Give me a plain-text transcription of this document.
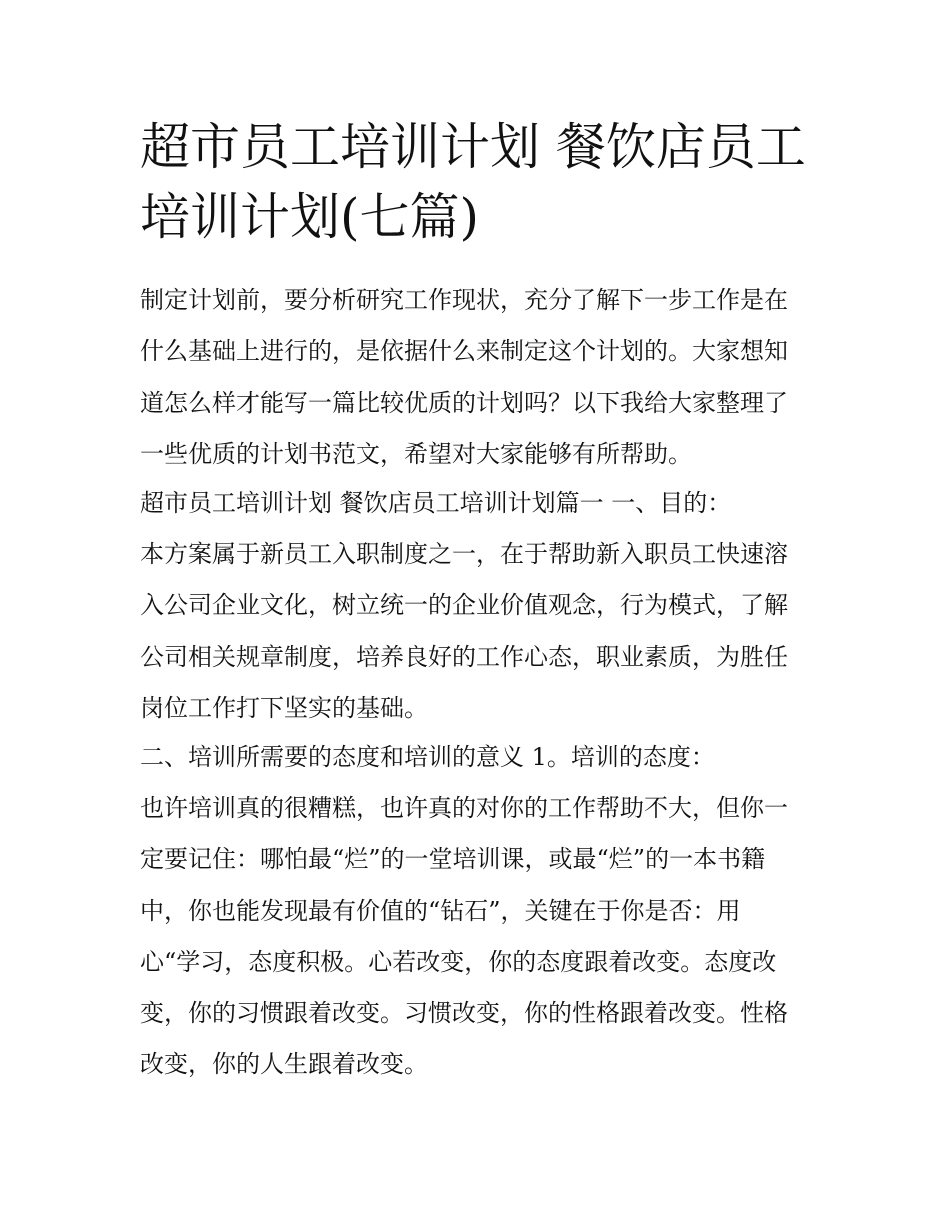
超市员工培训计划 餐饮店员工
培训计划(七篇)
制定计划前，要分析研究工作现状，充分了解下一步工作是在
什么基础上进行的，是依据什么来制定这个计划的。大家想知
道怎么样才能写一篇比较优质的计划吗？以下我给大家整理了
一些优质的计划书范文，希望对大家能够有所帮助。
超市员工培训计划 餐饮店员工培训计划篇一 一、目的：
本方案属于新员工入职制度之一，在于帮助新入职员工快速溶
入公司企业文化，树立统一的企业价值观念，行为模式，了解
公司相关规章制度，培养良好的工作心态，职业素质，为胜任
岗位工作打下坚实的基础。
二、培训所需要的态度和培训的意义 1。培训的态度：
也许培训真的很糟糕，也许真的对你的工作帮助不大，但你一
定要记住：哪怕最“烂”的一堂培训课，或最“烂”的一本书籍
中，你也能发现最有价值的“钻石”，关键在于你是否：用
心“学习，态度积极。心若改变，你的态度跟着改变。态度改
变，你的习惯跟着改变。习惯改变，你的性格跟着改变。性格
改变，你的人生跟着改变。
